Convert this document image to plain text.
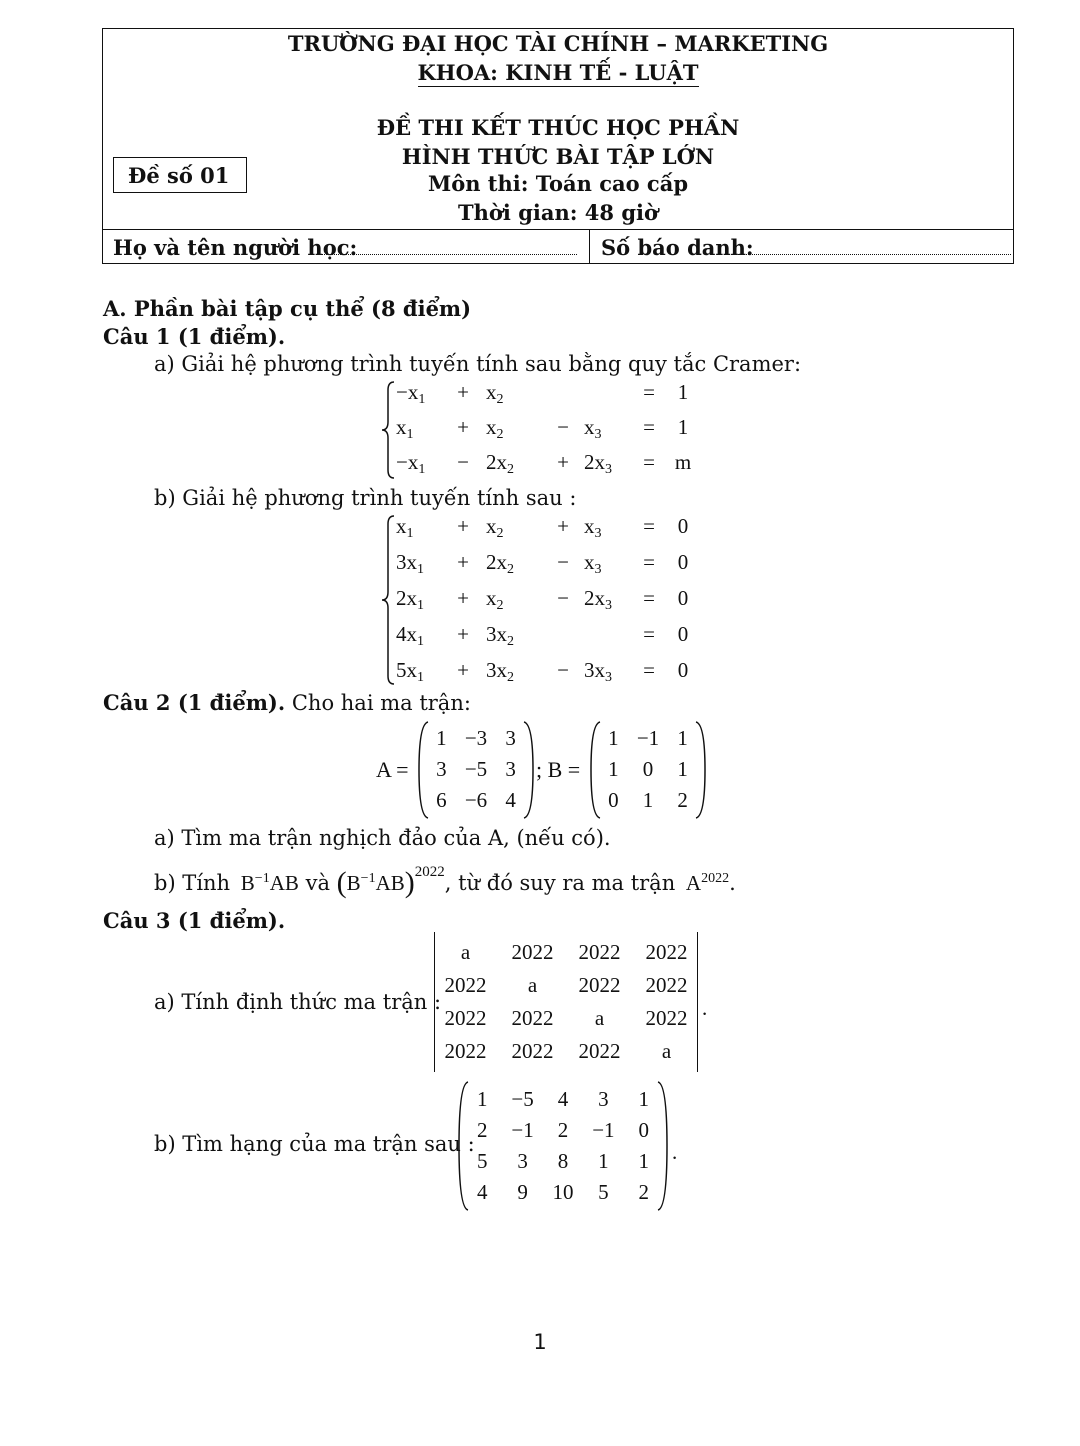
TRƯỜNG ĐẠI HỌC TÀI CHÍNH – MARKETING
KHOA: KINH TẾ - LUẬT
ĐỀ THI KẾT THÚC HỌC PHẦN
HÌNH THỨC BÀI TẬP LỚN
Môn thi: Toán cao cấp
Thời gian: 48 giờ
Đề số 01
Họ và tên người học:	Số báo danh:
A. Phần bài tập cụ thể (8 điểm)
Câu 1 (1 điểm).
a) Giải hệ phương trình tuyến tính sau bằng quy tắc Cramer:
$-x_1 + x_2$	= 1
$x_1 + x_2$	− $x_3 = 1$
$-x_1 - 2x_2 + 2x_3 = m$
b) Giải hệ phương trình tuyến tính sau :
$x_1 + x_2$	+ $x_3 = 0$
$3x_1 + 2x_2 - x_3 = 0$
$2x_1 + x_2$	− $2x_3 = 0$
$4x_1 + 3x_2$	= 0
$5x_1 + 3x_2 - 3x_3 = 0$
Câu 2 (1 điểm). Cho hai ma trận:
A =
1 −3 3
3 −5 3
6 −6 4
; B =
1 −1 1
1	0	1
0	1	2
a) Tìm ma trận nghịch đảo của A, (nếu có).
b) Tính $B^{-1}AB$ và $(B^{-1}AB)^{2022}$, từ đó suy ra ma trận $A^{2022}$.
Câu 3 (1 điểm).
a) Tính định thức ma trận :
a	2022	2022	2022
2022	a	2022	2022
2022	2022	a	2022
2022	2022	2022	a
.
b) Tìm hạng của ma trận sau :
1	−5	4	3	1
2	−1	2	−1	0
5	3	8	1	1
4	9	10	5	2
.
1
